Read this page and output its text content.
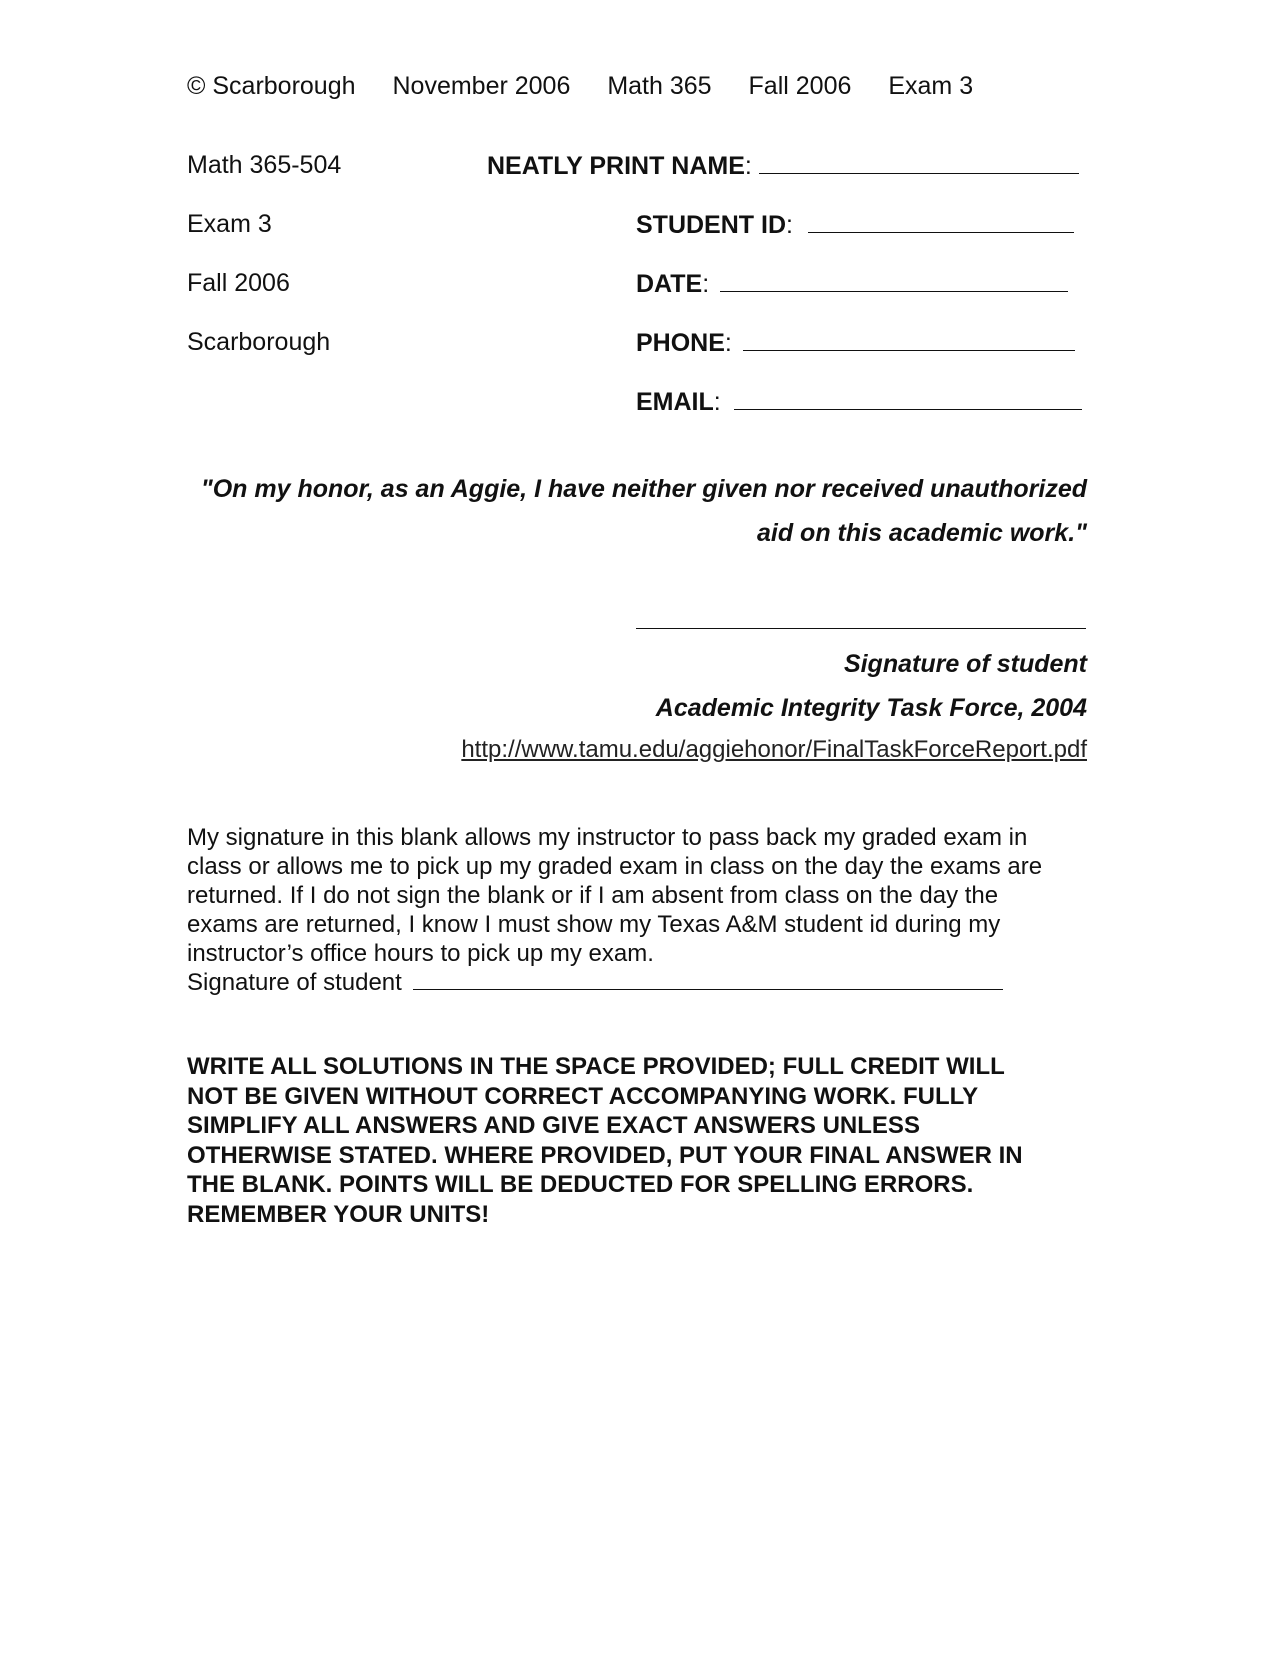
© Scarborough November 2006 Math 365 Fall 2006 Exam 3
Math 365-504
Exam 3
Fall 2006
Scarborough
NEATLY PRINT NAME:
STUDENT ID:
DATE:
PHONE:
EMAIL:
"On my honor, as an Aggie, I have neither given nor received unauthorized
aid on this academic work."
Signature of student
Academic Integrity Task Force, 2004
http://www.tamu.edu/aggiehonor/FinalTaskForceReport.pdf

My signature in this blank allows my instructor to pass back my graded exam in

class or allows me to pick up my graded exam in class on the day the exams are

returned. If I do not sign the blank or if I am absent from class on the day the

exams are returned, I know I must show my Texas A&M student id during my

instructor’s office hours to pick up my exam.

Signature of student

WRITE ALL SOLUTIONS IN THE SPACE PROVIDED; FULL CREDIT WILL

NOT BE GIVEN WITHOUT CORRECT ACCOMPANYING WORK. FULLY

SIMPLIFY ALL ANSWERS AND GIVE EXACT ANSWERS UNLESS

OTHERWISE STATED. WHERE PROVIDED, PUT YOUR FINAL ANSWER IN

THE BLANK. POINTS WILL BE DEDUCTED FOR SPELLING ERRORS.

REMEMBER YOUR UNITS!
